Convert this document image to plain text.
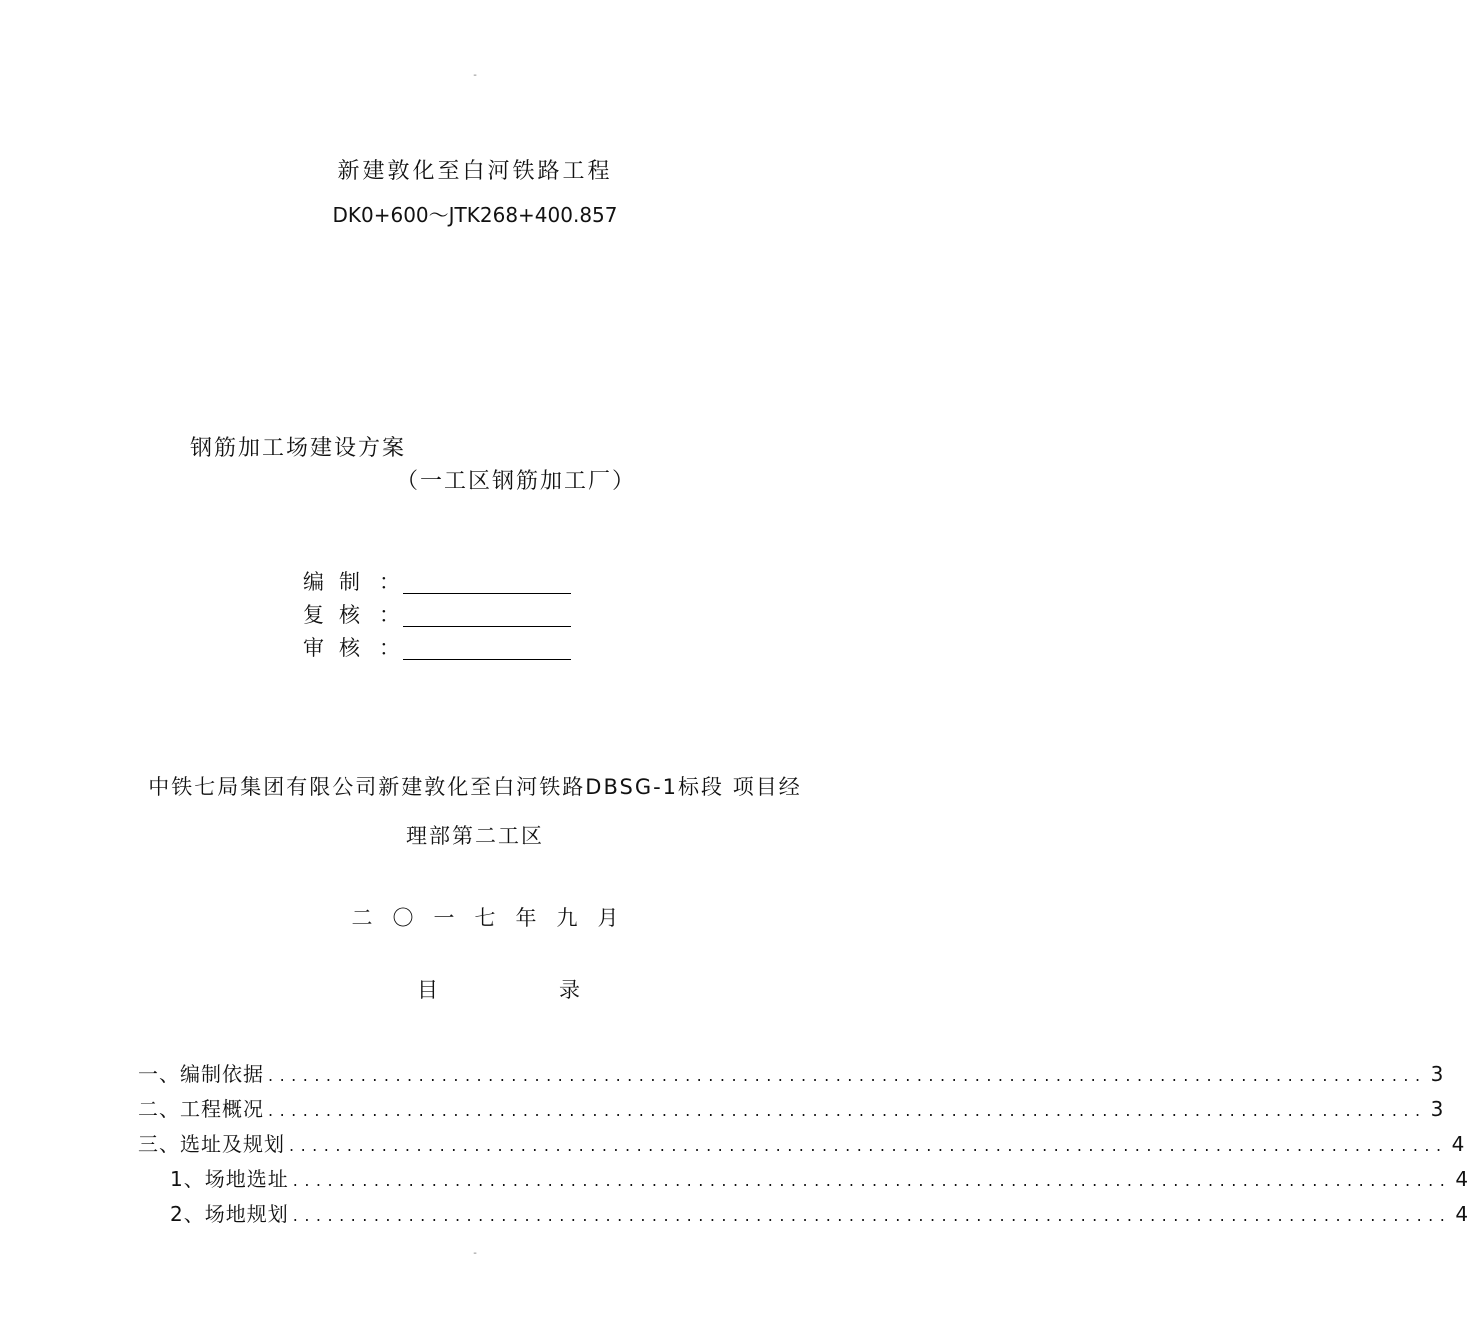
-
新建敦化至白河铁路工程
DK0+600～JTK268+400.857
钢筋加工场建设方案
（一工区钢筋加工厂）
编制 ：
复核 ：
审核 ：
中铁七局集团有限公司新建敦化至白河铁路DBSG-1标段 项目经
理部第二工区
二〇一七年九月
目	录
一、编制依据 .................................................................................................... 3
二、工程概况 .................................................................................................... 3
三、选址及规划 .................................................................................................... 4
1、场地选址 .................................................................................................... 4
2、场地规划 .................................................................................................... 4
-
